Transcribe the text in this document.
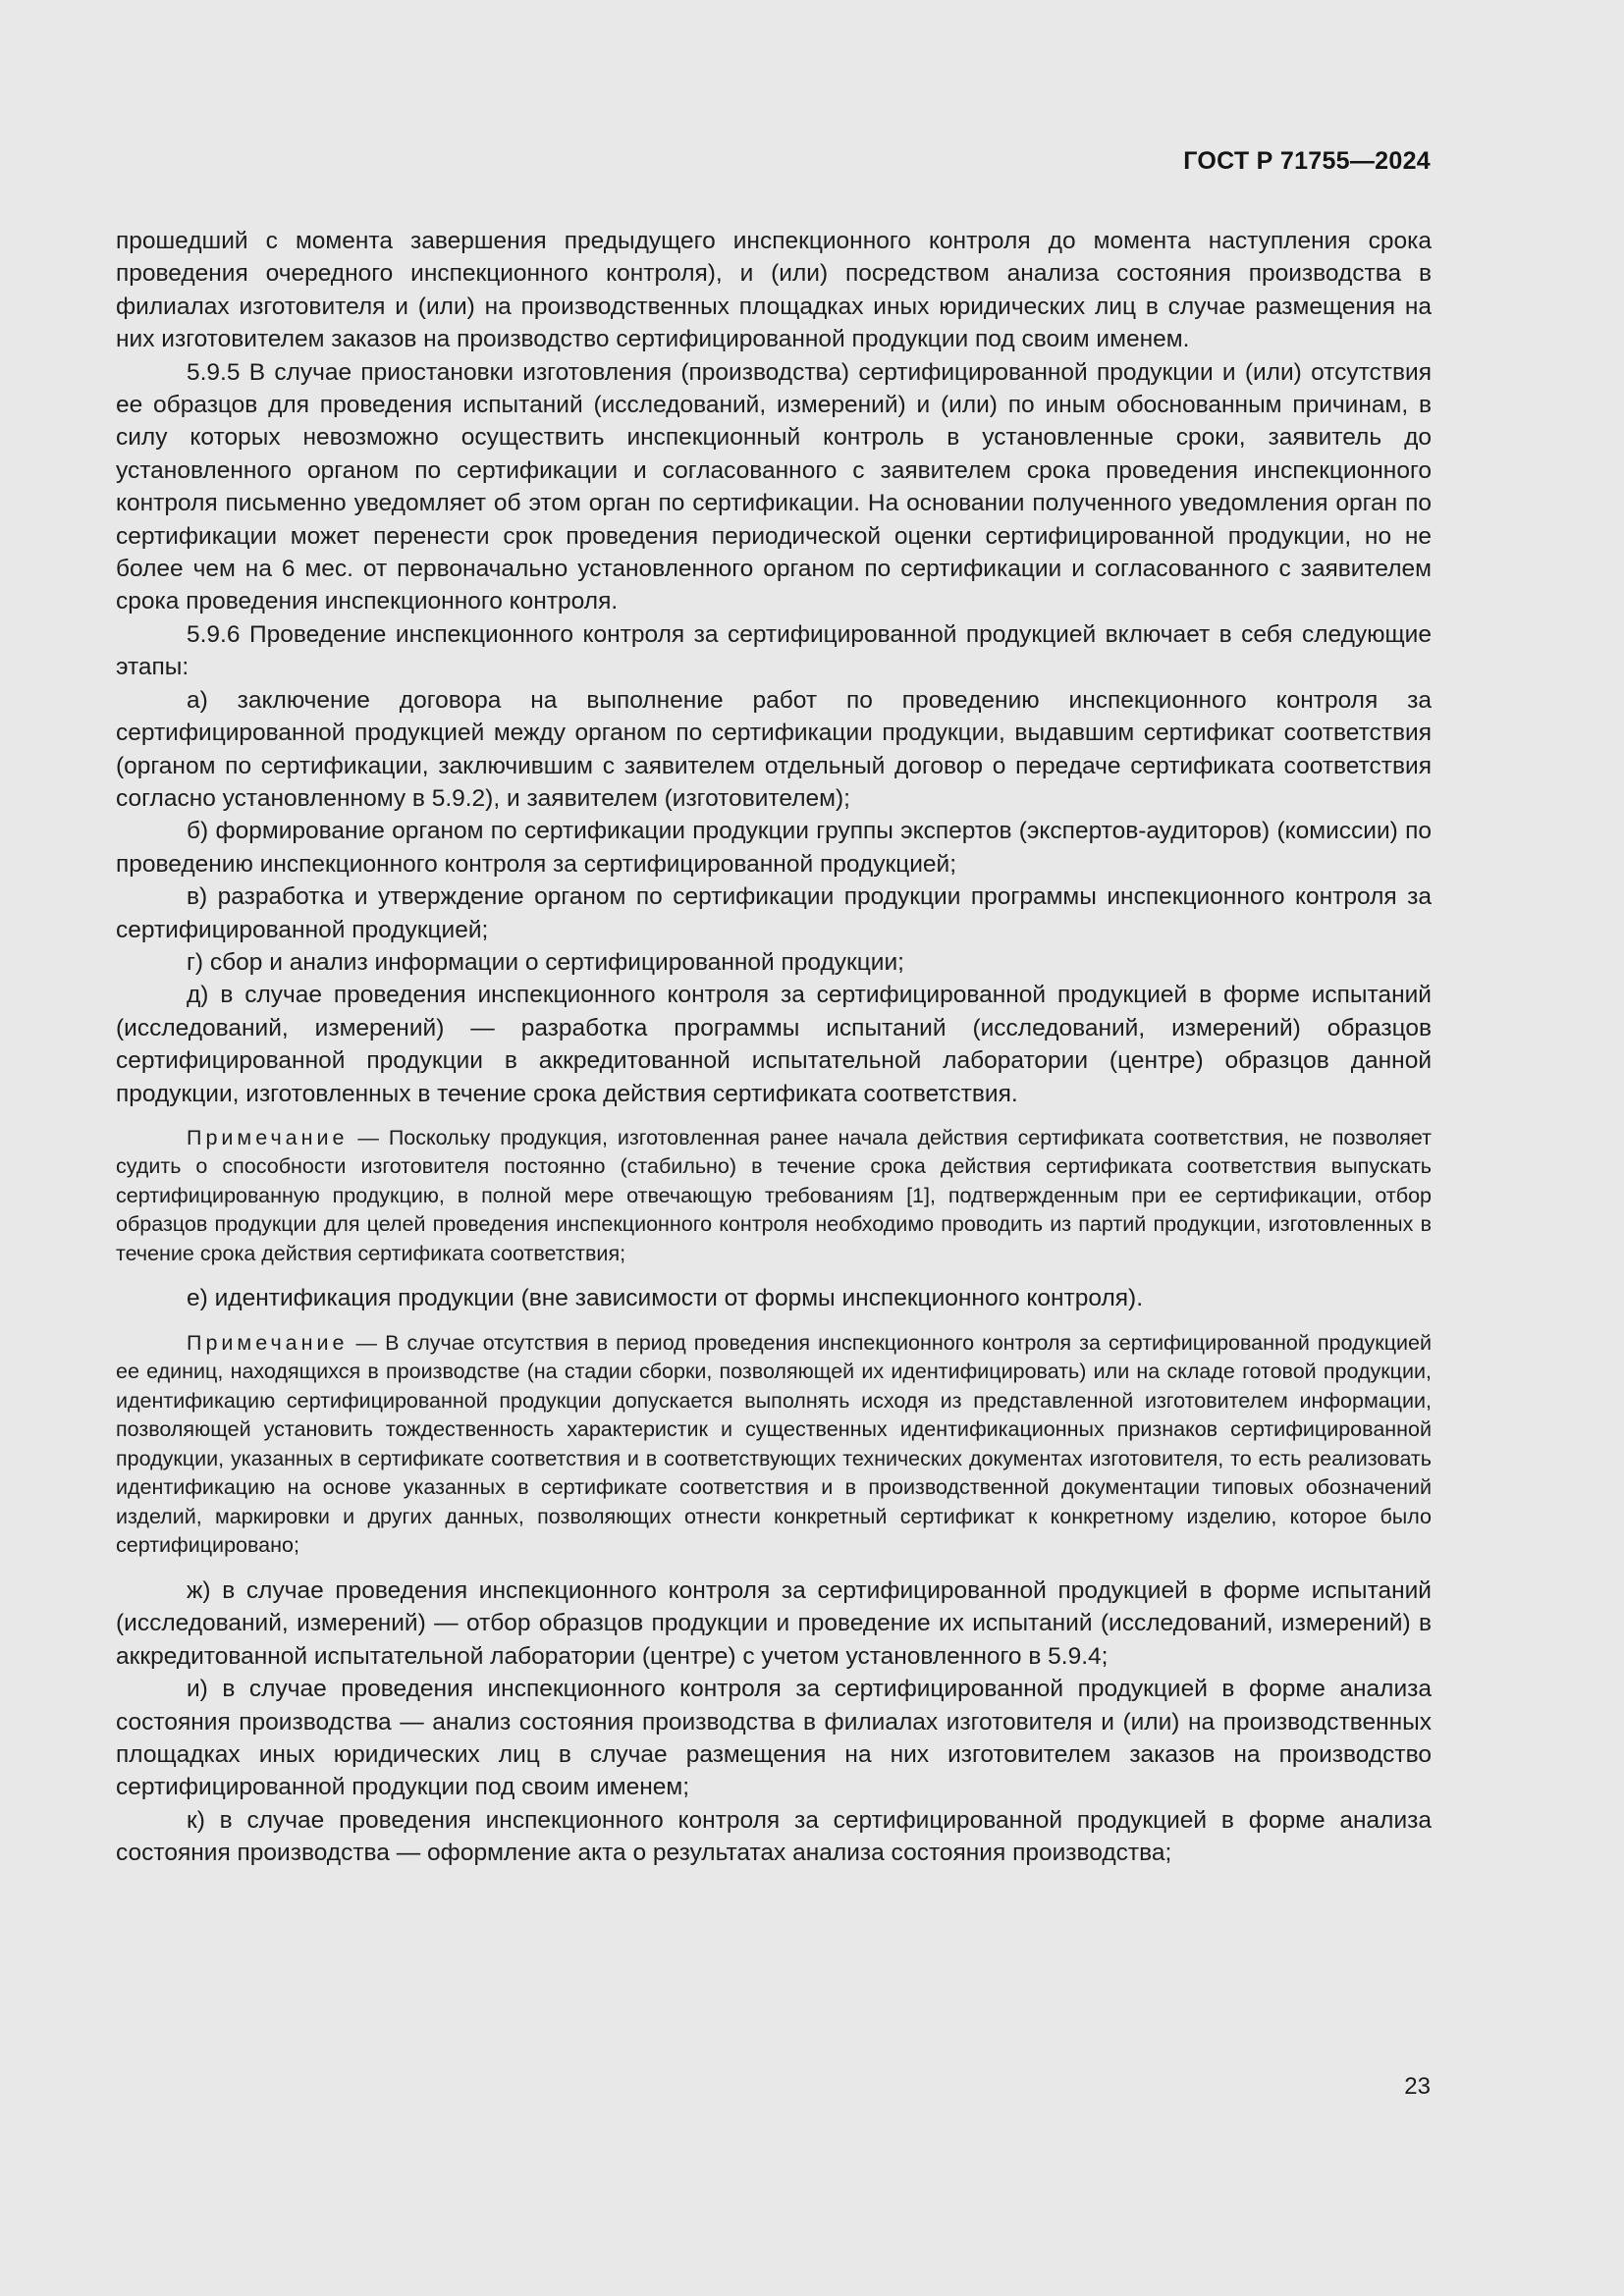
ГОСТ Р 71755—2024

прошедший с момента завершения предыдущего инспекционного контроля до момента наступления срока проведения очередного инспекционного контроля), и (или) посредством анализа состояния производства в филиалах изготовителя и (или) на производственных площадках иных юридических лиц в случае размещения на них изготовителем заказов на производство сертифицированной продукции под своим именем.

5.9.5 В случае приостановки изготовления (производства) сертифицированной продукции и (или) отсутствия ее образцов для проведения испытаний (исследований, измерений) и (или) по иным обоснованным причинам, в силу которых невозможно осуществить инспекционный контроль в установленные сроки, заявитель до установленного органом по сертификации и согласованного с заявителем срока проведения инспекционного контроля письменно уведомляет об этом орган по сертификации. На основании полученного уведомления орган по сертификации может перенести срок проведения периодической оценки сертифицированной продукции, но не более чем на 6 мес. от первоначально установленного органом по сертификации и согласованного с заявителем срока проведения инспекционного контроля.

5.9.6 Проведение инспекционного контроля за сертифицированной продукцией включает в себя следующие этапы:

а) заключение договора на выполнение работ по проведению инспекционного контроля за сертифицированной продукцией между органом по сертификации продукции, выдавшим сертификат соответствия (органом по сертификации, заключившим с заявителем отдельный договор о передаче сертификата соответствия согласно установленному в 5.9.2), и заявителем (изготовителем);

б) формирование органом по сертификации продукции группы экспертов (экспертов-аудиторов) (комиссии) по проведению инспекционного контроля за сертифицированной продукцией;

в) разработка и утверждение органом по сертификации продукции программы инспекционного контроля за сертифицированной продукцией;

г) сбор и анализ информации о сертифицированной продукции;

д) в случае проведения инспекционного контроля за сертифицированной продукцией в форме испытаний (исследований, измерений) — разработка программы испытаний (исследований, измерений) образцов сертифицированной продукции в аккредитованной испытательной лаборатории (центре) образцов данной продукции, изготовленных в течение срока действия сертификата соответствия.

Примечание — Поскольку продукция, изготовленная ранее начала действия сертификата соответствия, не позволяет судить о способности изготовителя постоянно (стабильно) в течение срока действия сертификата соответствия выпускать сертифицированную продукцию, в полной мере отвечающую требованиям [1], подтвержденным при ее сертификации, отбор образцов продукции для целей проведения инспекционного контроля необходимо проводить из партий продукции, изготовленных в течение срока действия сертификата соответствия;

е) идентификация продукции (вне зависимости от формы инспекционного контроля).

Примечание — В случае отсутствия в период проведения инспекционного контроля за сертифицированной продукцией ее единиц, находящихся в производстве (на стадии сборки, позволяющей их идентифицировать) или на складе готовой продукции, идентификацию сертифицированной продукции допускается выполнять исходя из представленной изготовителем информации, позволяющей установить тождественность характеристик и существенных идентификационных признаков сертифицированной продукции, указанных в сертификате соответствия и в соответствующих технических документах изготовителя, то есть реализовать идентификацию на основе указанных в сертификате соответствия и в производственной документации типовых обозначений изделий, маркировки и других данных, позволяющих отнести конкретный сертификат к конкретному изделию, которое было сертифицировано;

ж) в случае проведения инспекционного контроля за сертифицированной продукцией в форме испытаний (исследований, измерений) — отбор образцов продукции и проведение их испытаний (исследований, измерений) в аккредитованной испытательной лаборатории (центре) с учетом установленного в 5.9.4;

и) в случае проведения инспекционного контроля за сертифицированной продукцией в форме анализа состояния производства — анализ состояния производства в филиалах изготовителя и (или) на производственных площадках иных юридических лиц в случае размещения на них изготовителем заказов на производство сертифицированной продукции под своим именем;

к) в случае проведения инспекционного контроля за сертифицированной продукцией в форме анализа состояния производства — оформление акта о результатах анализа состояния производства;

23
